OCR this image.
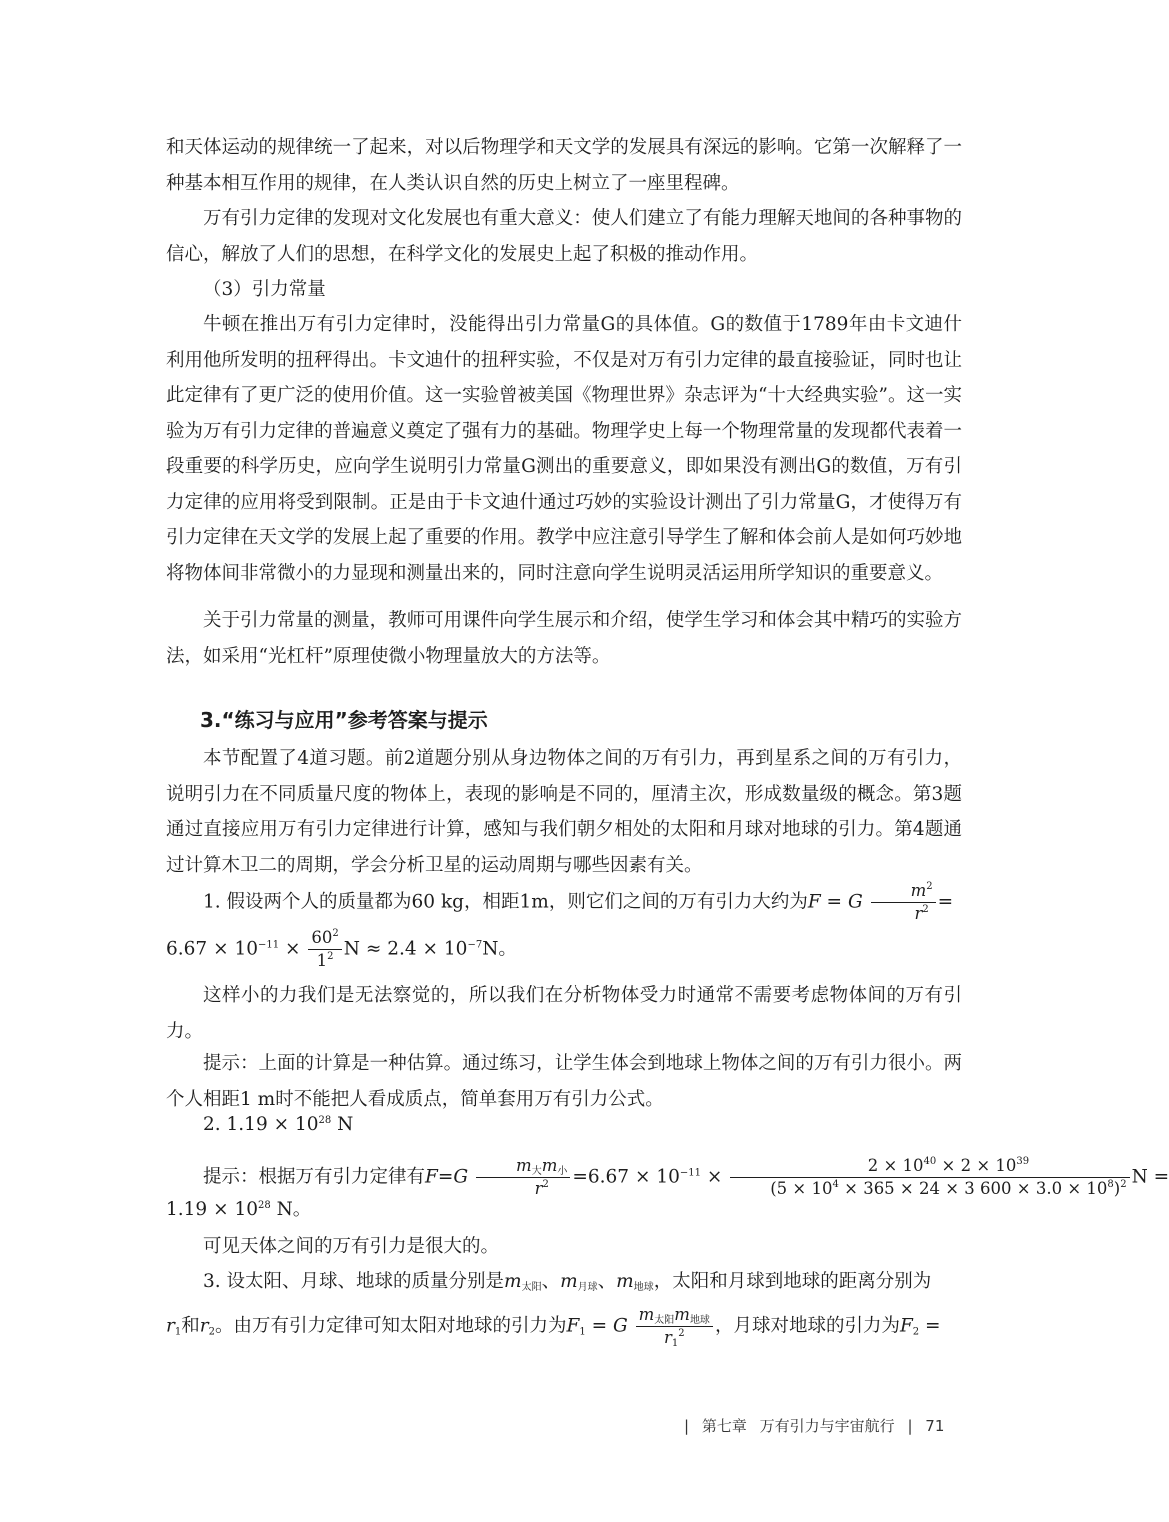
和天体运动的规律统一了起来，对以后物理学和天文学的发展具有深远的影响。它第一次解释了一种基本相互作用的规律，在人类认识自然的历史上树立了一座里程碑。

万有引力定律的发现对文化发展也有重大意义：使人们建立了有能力理解天地间的各种事物的信心，解放了人们的思想，在科学文化的发展史上起了积极的推动作用。

（3）引力常量

牛顿在推出万有引力定律时，没能得出引力常量G的具体值。G的数值于1789年由卡文迪什利用他所发明的扭秤得出。卡文迪什的扭秤实验，不仅是对万有引力定律的最直接验证，同时也让此定律有了更广泛的使用价值。这一实验曾被美国《物理世界》杂志评为“十大经典实验”。这一实验为万有引力定律的普遍意义奠定了强有力的基础。物理学史上每一个物理常量的发现都代表着一段重要的科学历史，应向学生说明引力常量G测出的重要意义，即如果没有测出G的数值，万有引力定律的应用将受到限制。正是由于卡文迪什通过巧妙的实验设计测出了引力常量G，才使得万有引力定律在天文学的发展上起了重要的作用。教学中应注意引导学生了解和体会前人是如何巧妙地将物体间非常微小的力显现和测量出来的，同时注意向学生说明灵活运用所学知识的重要意义。

关于引力常量的测量，教师可用课件向学生展示和介绍，使学生学习和体会其中精巧的实验方法，如采用“光杠杆”原理使微小物理量放大的方法等。

3.“练习与应用”参考答案与提示

本节配置了4道习题。前2道题分别从身边物体之间的万有引力，再到星系之间的万有引力，说明引力在不同质量尺度的物体上，表现的影响是不同的，厘清主次，形成数量级的概念。第3题通过直接应用万有引力定律进行计算，感知与我们朝夕相处的太阳和月球对地球的引力。第4题通过计算木卫二的周期，学会分析卫星的运动周期与哪些因素有关。

1. 假设两个人的质量都为60 kg，相距1m，则它们之间的万有引力大约为F = G $\frac{m^2}{r^2}$ =
$6.67 \times 10^{-11} \times \frac{60^2}{1^2}$ $N \approx 2.4 \times 10^{-7}N$。

这样小的力我们是无法察觉的，所以我们在分析物体受力时通常不需要考虑物体间的万有引力。

提示：上面的计算是一种估算。通过练习，让学生体会到地球上物体之间的万有引力很小。两个人相距1 m时不能把人看成质点，简单套用万有引力公式。

2. $1.19 \times 10^{28}$ N
提示：根据万有引力定律有$F=G \frac{m_大m_小}{r^2} =6.67 \times 10^{-11} \times \frac{2 \times 10^{40} \times 2 \times 10^{39}}{(5 \times 10^4 \times 365 \times 24 \times 3 600 \times 3.0 \times 10^8)^2}$ N =
$1.19 \times 10^{28}$ N。
可见天体之间的万有引力是很大的。
3. 设太阳、月球、地球的质量分别是$m_{太阳}$、$m_{月球}$、$m_{地球}$，太阳和月球到地球的距离分别为
$r_1$和$r_2$。由万有引力定律可知太阳对地球的引力为$F_1 = G \frac{m_{太阳}m_{地球}}{r_1^2}$ ，月球对地球的引力为$F_2$ =
| 第七章 万有引力与宇宙航行 | 71
